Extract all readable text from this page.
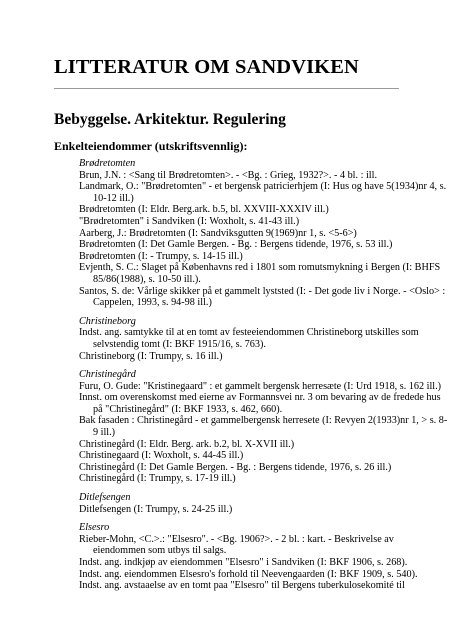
LITTERATUR OM SANDVIKEN
Bebyggelse. Arkitektur. Regulering
Enkelteiendommer (utskriftsvennlig):
Brødretomten
Brun, J.N. : <Sang til Brødretomten>. - <Bg. : Grieg, 1932?>. - 4 bl. : ill.
Landmark, O.: "Brødretomten" - et bergensk patricierhjem (I: Hus og have 5(1934)nr 4, s. 10-12 ill.)
Brødretomten (I: Eldr. Berg.ark. b.5, bl. XXVIII-XXXIV ill.)
"Brødretomten" i Sandviken (I: Woxholt, s. 41-43 ill.)
Aarberg, J.: Brødretomten (I: Sandviksgutten 9(1969)nr 1, s. <5-6>)
Brødretomten (I: Det Gamle Bergen. - Bg. : Bergens tidende, 1976, s. 53 ill.)
Brødretomten (I: - Trumpy, s. 14-15 ill.)
Evjenth, S. C.: Slaget på Københavns red i 1801 som romutsmykning i Bergen (I: BHFS 85/86(1988), s. 10-50 ill.).
Santos, S. de: Vårlige skikker på et gammelt lyststed (I: - Det gode liv i Norge. - <Oslo> : Cappelen, 1993, s. 94-98 ill.)
Christineborg
Indst. ang. samtykke til at en tomt av festeeiendommen Christineborg utskilles som selvstendig tomt (I: BKF 1915/16, s. 763).
Christineborg (I: Trumpy, s. 16 ill.)
Christinegård
Furu, O. Gude: "Kristinegaard" : et gammelt bergensk herresæte (I: Urd 1918, s. 162 ill.)
Innst. om overenskomst med eierne av Formannsvei nr. 3 om bevaring av de fredede hus på "Christinegård" (I: BKF 1933, s. 462, 660).
Bak fasaden : Christinegård - et gammelbergensk herresete (I: Revyen 2(1933)nr 1, > s. 8-9 ill.)
Christinegård (I: Eldr. Berg. ark. b.2, bl. X-XVII ill.)
Christinegaard (I: Woxholt, s. 44-45 ill.)
Christinegård (I: Det Gamle Bergen. - Bg. : Bergens tidende, 1976, s. 26 ill.)
Christinegård (I: Trumpy, s. 17-19 ill.)
Ditlefsengen
Ditlefsengen (I: Trumpy, s. 24-25 ill.)
Elsesro
Rieber-Mohn, <C.>.: "Elsesro". - <Bg. 1906?>. - 2 bl. : kart. - Beskrivelse av eiendommen som utbys til salgs.
Indst. ang. indkjøp av eiendommen "Elsesro" i Sandviken (I: BKF 1906, s. 268).
Indst. ang. eiendommen Elsesro's forhold til Neevengaarden (I: BKF 1909, s. 540).
Indst. ang. avstaaelse av en tomt paa "Elsesro" til Bergens tuberkulosekomité til
